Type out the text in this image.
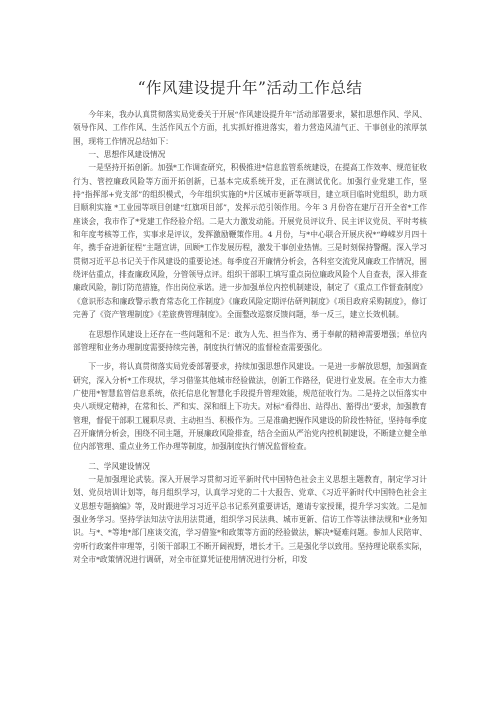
“作风建设提升年”活动工作总结

今年来，我办认真贯彻落实局党委关于开展“作风建设提升年”活动部署要求，紧扣思想作风、学风、领导作风、工作作风、生活作风五个方面，扎实抓好推进落实，着力营造风清气正、干事创业的浓厚氛围，现将工作情况总结如下：

一、思想作风建设情况

一是坚持开拓创新。加强*工作调查研究，积极推进*信息监管系统建设，在提高工作效率、规范征收行为、管控廉政风险等方面开拓创新，已基本完成系统开发，正在测试优化。加强行业党建工作，坚持“指挥部+党支部”的组织模式，今年组织实施的*片区城市更新等项目，建立项目临时党组织，助力项目顺利实施 *工业园等项目创建“红旗项目部”，发挥示范引领作用。今年 3 月份咨在建厅召开全省*工作座谈会，我市作了*党建工作经验介绍。二是大力激发动能。开展党员评议升、民主评议党员、平时考核和年度考核等工作，实事求是评议，发挥激励鞭策作用。4 月份，与*中心联合开展庆祝*“峥嵘岁月四十年，携手奋进新征程”主题宣讲，回顾*工作发展历程，激发干事创业热情。三是时刻保持警醒。深入学习贯彻习近平总书记关于作风建设的重要论述。每季度召开廉情分析会，各科室交流党风廉政工作情况，围绕评估重点，排查廉政风险，分管领导点评。组织干部职工填写重点岗位廉政风险个人自查表，深入排查廉政风险，制订防范措施，作出岗位承诺。进一步加强单位内控机制建设，制定了《重点工作督查制度》《意识形态和廉政警示教育常态化工作制度》《廉政风险定期评估研判制度》《项目政府采购制度》，修订完善了《资产管理制度》《差旅费管理制度》。全面整改巡察反馈问题，举一反三，建立长效机制。

在思想作风建设上还存在一些问题和不足：敢为人先、担当作为、勇于奉献的精神需要增强；单位内部管理和业务办理制度需要持续完善，制度执行情况的监督检查需要强化。

下一步，将认真贯彻落实局党委部署要求，持续加强思想作风建设。一是进一步解放思想，加强调查研究，深入分析*工作现状，学习借鉴其他城市经验做法，创新工作路径，促进行业发展。在全市大力推广使用*智慧监管信息系统，依托信息化智慧化手段提升管理效能，规范征收行为。二是持之以恒落实中央八项规定精神，在常和长、严和实、深和细上下功夫。对标“看得出、站得出、豁得出”要求，加强教育管理，督促干部职工履职尽责、主动担当、积极作为。三是准确把握作风建设的阶段性特征，坚持每季度召开廉情分析会，围绕不同主题，开展廉政风险排查，结合全面从严治党内控机制建设，不断建立健全单位内部管理、重点业务工作办理等制度，加强制度执行情况监督检查。

二、学风建设情况

一是加强理论武装。深入开展学习贯彻习近平新时代中国特色社会主义思想主题教育，制定学习计划、党员培训计划等，每月组织学习，认真学习党的二十大报告、党章、《习近平新时代中国特色社会主义思想专题摘编》等，及时跟进学习习近平总书记系列重要讲话，邀请专家授课，提升学习实效。二是加强业务学习。坚持学法知法守法用法贯通，组织学习民法典、城市更新、信访工作等法律法规和*业务知识。与*、*等地*部门座谈交流，学习借鉴*和政策等方面的经验做法，解决*疑难问题。参加人民陪审、旁听行政案件审理等，引领干部职工不断开阔视野，增长才干。三是强化学以致用。坚持理论联系实际，对全市*政策情况进行调研，对全市征算凭证使用情况进行分析，印发
